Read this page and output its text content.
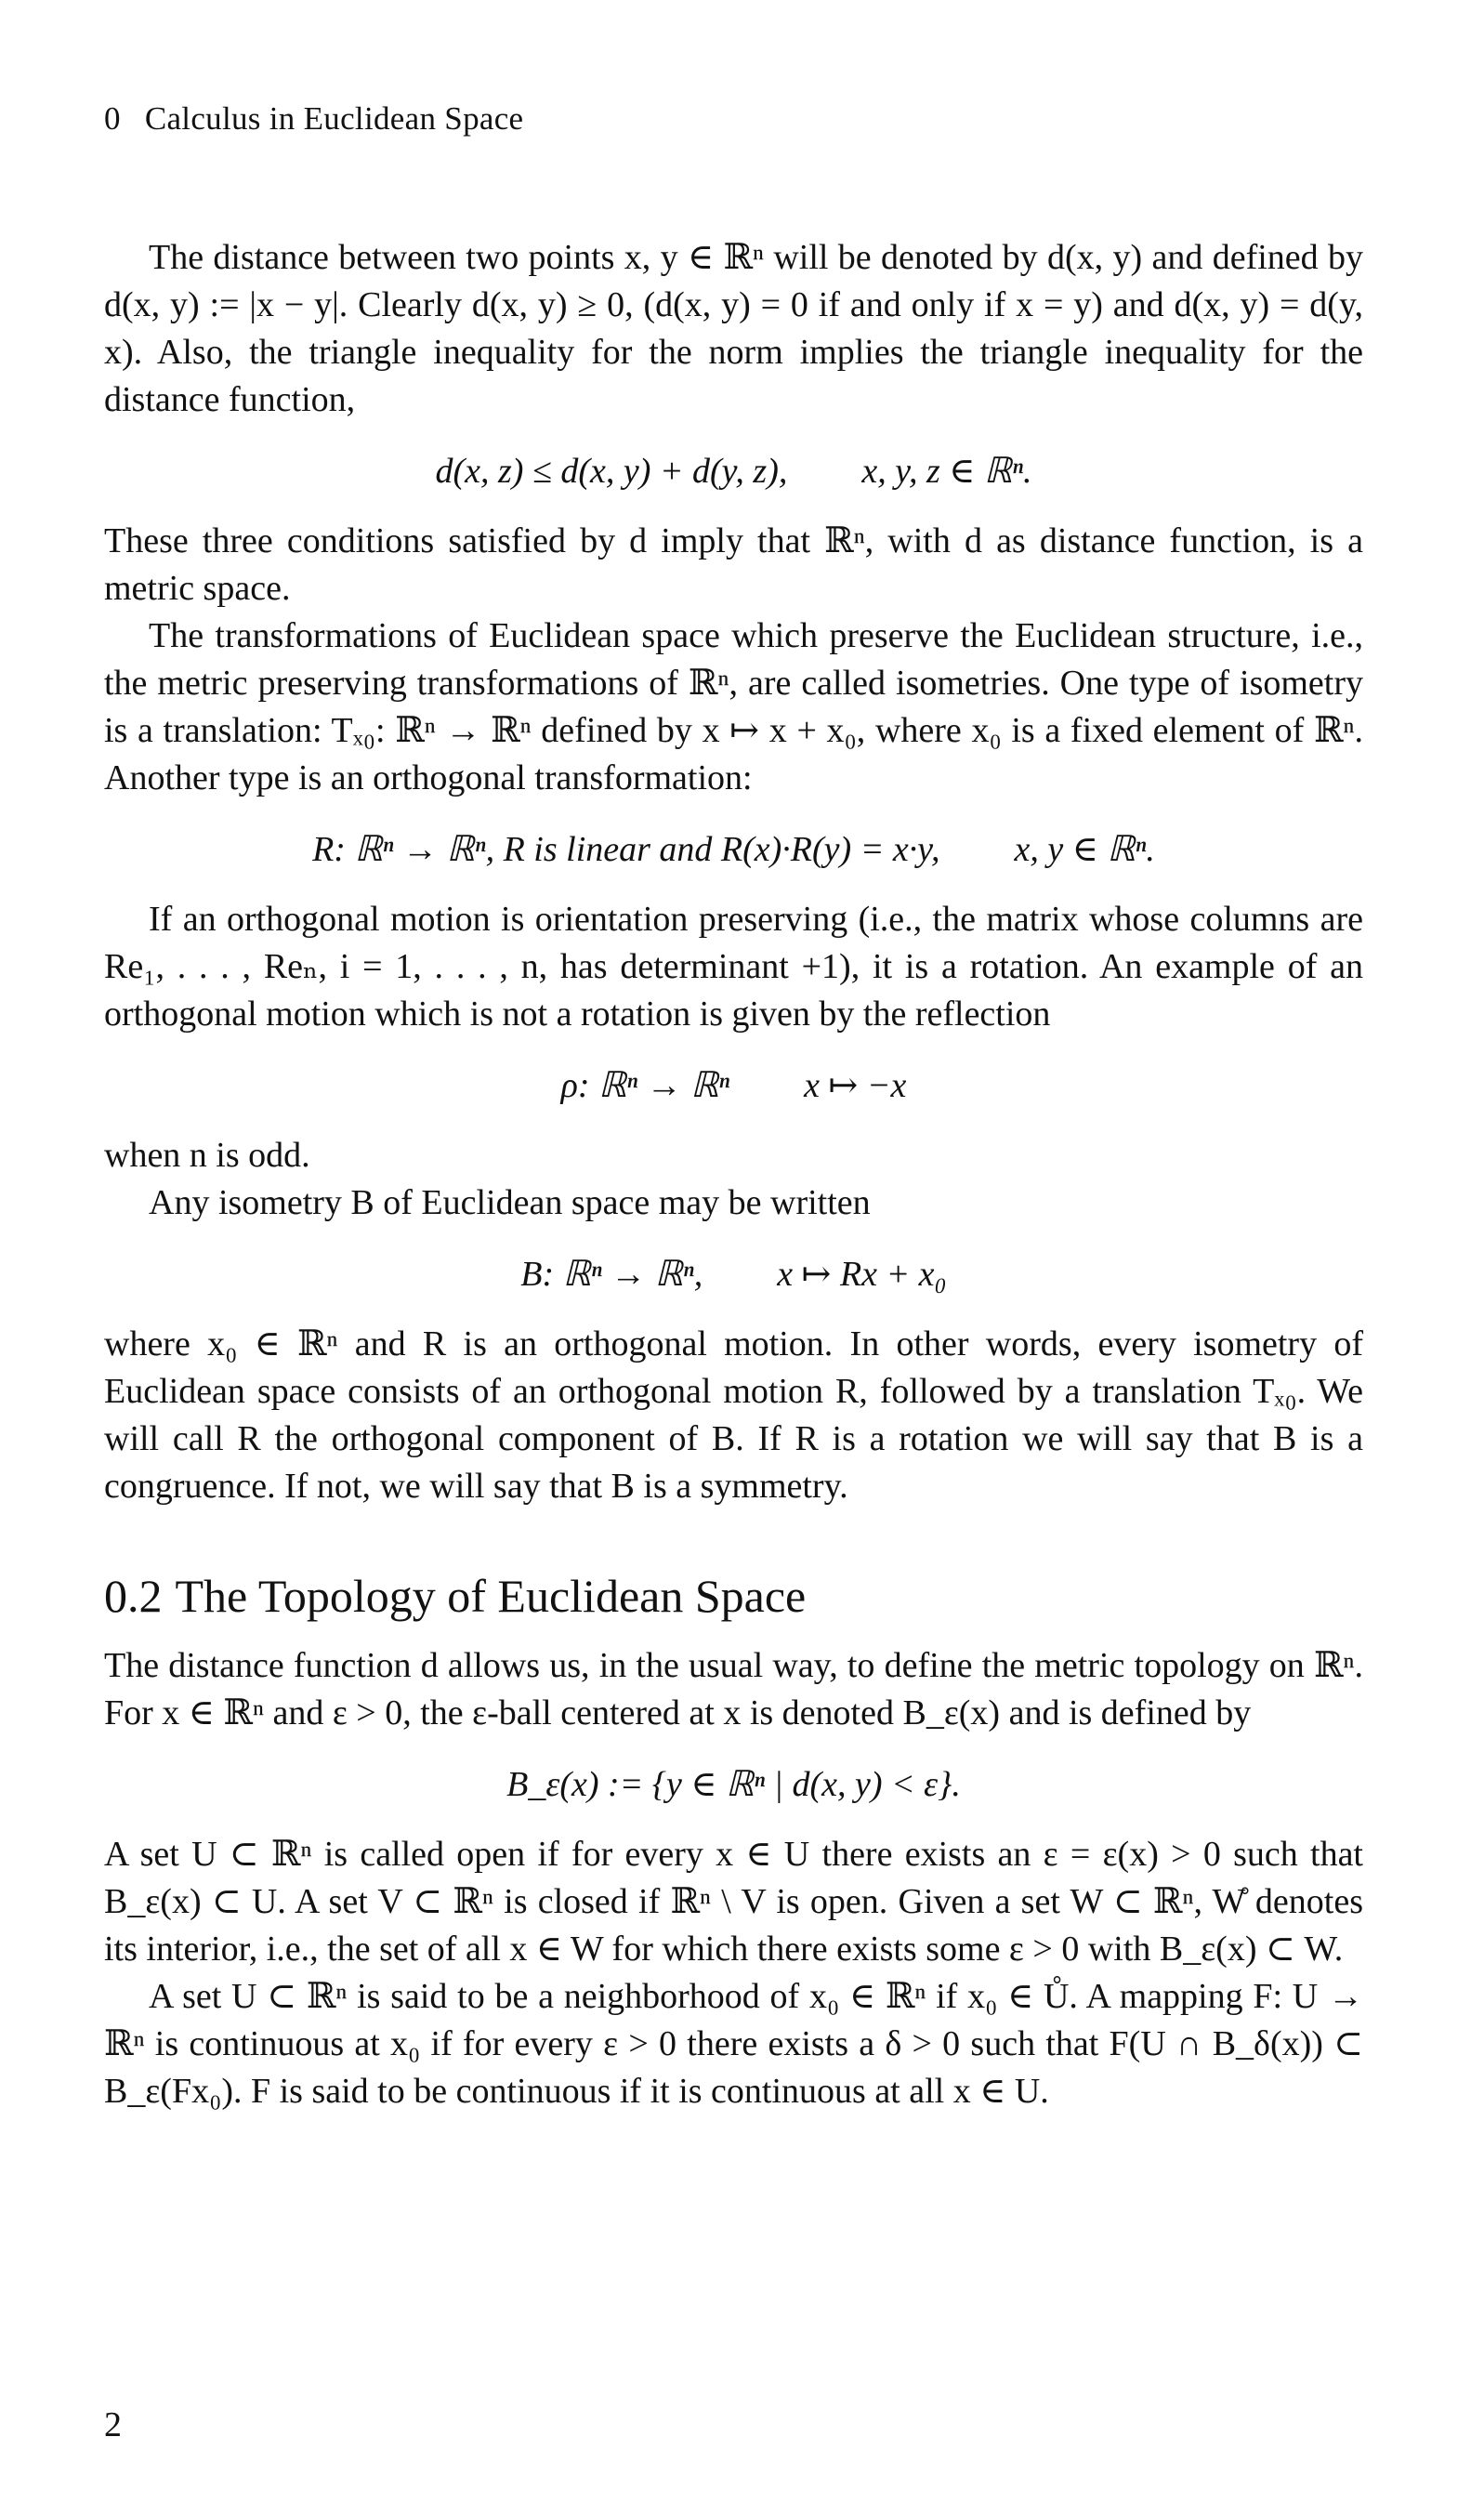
0 Calculus in Euclidean Space

The distance between two points x, y ∈ ℝⁿ will be denoted by d(x, y) and defined by d(x, y) := |x − y|. Clearly d(x, y) ≥ 0, (d(x, y) = 0 if and only if x = y) and d(x, y) = d(y, x). Also, the triangle inequality for the norm implies the triangle inequality for the distance function,

d(x, z) ≤ d(x, y) + d(y, z), x, y, z ∈ ℝⁿ.

These three conditions satisfied by d imply that ℝⁿ, with d as distance function, is a metric space.

The transformations of Euclidean space which preserve the Euclidean structure, i.e., the metric preserving transformations of ℝⁿ, are called isometries. One type of isometry is a translation: Tₓ₀: ℝⁿ → ℝⁿ defined by x ↦ x + x₀, where x₀ is a fixed element of ℝⁿ. Another type is an orthogonal transformation:

R: ℝⁿ → ℝⁿ, R is linear and R(x)·R(y) = x·y, x, y ∈ ℝⁿ.

If an orthogonal motion is orientation preserving (i.e., the matrix whose columns are Re₁, . . . , Reₙ, i = 1, . . . , n, has determinant +1), it is a rotation. An example of an orthogonal motion which is not a rotation is given by the reflection

ρ: ℝⁿ → ℝⁿ x ↦ −x

when n is odd.

Any isometry B of Euclidean space may be written

B: ℝⁿ → ℝⁿ, x ↦ Rx + x₀

where x₀ ∈ ℝⁿ and R is an orthogonal motion. In other words, every isometry of Euclidean space consists of an orthogonal motion R, followed by a translation Tₓ₀. We will call R the orthogonal component of B. If R is a rotation we will say that B is a congruence. If not, we will say that B is a symmetry.

0.2 The Topology of Euclidean Space

The distance function d allows us, in the usual way, to define the metric topology on ℝⁿ. For x ∈ ℝⁿ and ε > 0, the ε-ball centered at x is denoted B_ε(x) and is defined by

B_ε(x) := {y ∈ ℝⁿ | d(x, y) < ε}.

A set U ⊂ ℝⁿ is called open if for every x ∈ U there exists an ε = ε(x) > 0 such that B_ε(x) ⊂ U. A set V ⊂ ℝⁿ is closed if ℝⁿ \ V is open. Given a set W ⊂ ℝⁿ, W̊ denotes its interior, i.e., the set of all x ∈ W for which there exists some ε > 0 with B_ε(x) ⊂ W.

A set U ⊂ ℝⁿ is said to be a neighborhood of x₀ ∈ ℝⁿ if x₀ ∈ Ů. A mapping F: U → ℝⁿ is continuous at x₀ if for every ε > 0 there exists a δ > 0 such that F(U ∩ B_δ(x)) ⊂ B_ε(Fx₀). F is said to be continuous if it is continuous at all x ∈ U.

2
